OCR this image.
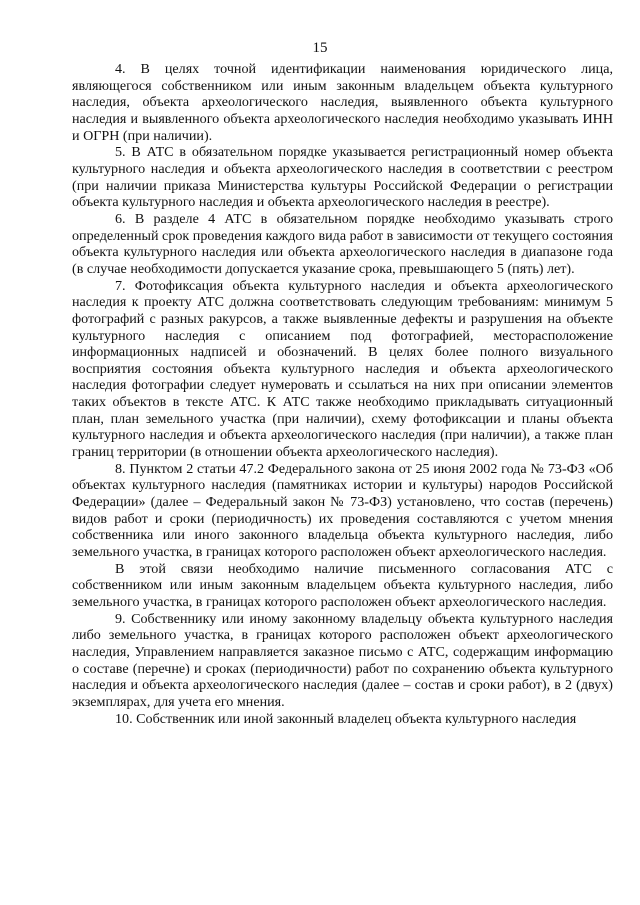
15

4. В целях точной идентификации наименования юридического лица, являющегося собственником или иным законным владельцем объекта культурного наследия, объекта археологического наследия, выявленного объекта культурного наследия и выявленного объекта археологического наследия необходимо указывать ИНН и ОГРН (при наличии).

5. В АТС в обязательном порядке указывается регистрационный номер объекта культурного наследия и объекта археологического наследия в соответствии с реестром (при наличии приказа Министерства культуры Российской Федерации о регистрации объекта культурного наследия и объекта археологического наследия в реестре).

6. В разделе 4 АТС в обязательном порядке необходимо указывать строго определенный срок проведения каждого вида работ в зависимости от текущего состояния объекта культурного наследия или объекта археологического наследия в диапазоне года (в случае необходимости допускается указание срока, превышающего 5 (пять) лет).

7. Фотофиксация объекта культурного наследия и объекта археологического наследия к проекту АТС должна соответствовать следующим требованиям: минимум 5 фотографий с разных ракурсов, а также выявленные дефекты и разрушения на объекте культурного наследия с описанием под фотографией, месторасположение информационных надписей и обозначений. В целях более полного визуального восприятия состояния объекта культурного наследия и объекта археологического наследия фотографии следует нумеровать и ссылаться на них при описании элементов таких объектов в тексте АТС. К АТС также необходимо прикладывать ситуационный план, план земельного участка (при наличии), схему фотофиксации и планы объекта культурного наследия и объекта археологического наследия (при наличии), а также план границ территории (в отношении объекта археологического наследия).

8. Пунктом 2 статьи 47.2 Федерального закона от 25 июня 2002 года № 73-ФЗ «Об объектах культурного наследия (памятниках истории и культуры) народов Российской Федерации» (далее – Федеральный закон № 73-ФЗ) установлено, что состав (перечень) видов работ и сроки (периодичность) их проведения составляются с учетом мнения собственника или иного законного владельца объекта культурного наследия, либо земельного участка, в границах которого расположен объект археологического наследия.

В этой связи необходимо наличие письменного согласования АТС с собственником или иным законным владельцем объекта культурного наследия, либо земельного участка, в границах которого расположен объект археологического наследия.

9. Собственнику или иному законному владельцу объекта культурного наследия либо земельного участка, в границах которого расположен объект археологического наследия, Управлением направляется заказное письмо с АТС, содержащим информацию о составе (перечне) и сроках (периодичности) работ по сохранению объекта культурного наследия и объекта археологического наследия (далее – состав и сроки работ), в 2 (двух) экземплярах, для учета его мнения.

10. Собственник или иной законный владелец объекта культурного наследия
